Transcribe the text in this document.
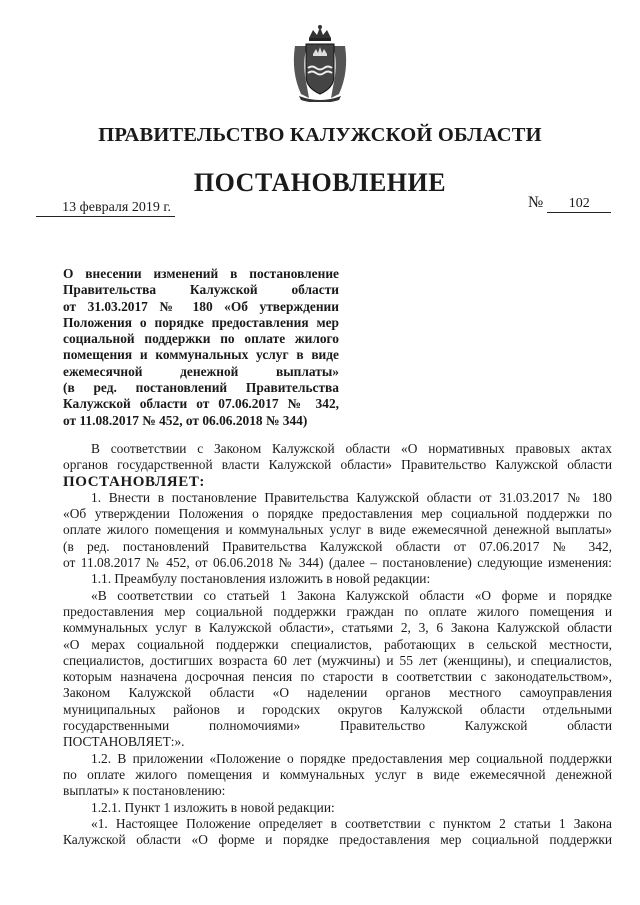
ПРАВИТЕЛЬСТВО КАЛУЖСКОЙ ОБЛАСТИ
ПОСТАНОВЛЕНИЕ
13 февраля 2019 г.	№ 102
О внесении изменений в постановление
Правительства Калужской области
от 31.03.2017 № 180 «Об утверждении
Положения о порядке предоставления мер
социальной поддержки по оплате жилого
помещения и коммунальных услуг в виде
ежемесячной денежной выплаты»
(в ред. постановлений Правительства
Калужской области от 07.06.2017 № 342,
от 11.08.2017 № 452, от 06.06.2018 № 344)
В соответствии с Законом Калужской области «О нормативных правовых актах
органов государственной власти Калужской области» Правительство Калужской области
ПОСТАНОВЛЯЕТ:
1. Внести в постановление Правительства Калужской области от 31.03.2017 № 180
«Об утверждении Положения о порядке предоставления мер социальной поддержки по
оплате жилого помещения и коммунальных услуг в виде ежемесячной денежной выплаты»
(в ред. постановлений Правительства Калужской области от 07.06.2017 № 342,
от 11.08.2017 № 452, от 06.06.2018 № 344) (далее – постановление) следующие изменения:
1.1. Преамбулу постановления изложить в новой редакции:
«В соответствии со статьей 1 Закона Калужской области «О форме и порядке
предоставления мер социальной поддержки граждан по оплате жилого помещения и
коммунальных услуг в Калужской области», статьями 2, 3, 6 Закона Калужской области
«О мерах социальной поддержки специалистов, работающих в сельской местности,
специалистов, достигших возраста 60 лет (мужчины) и 55 лет (женщины), и специалистов,
которым назначена досрочная пенсия по старости в соответствии с законодательством»,
Законом Калужской области «О наделении органов местного самоуправления
муниципальных районов и городских округов Калужской области отдельными
государственными полномочиями» Правительство Калужской области
ПОСТАНОВЛЯЕТ:».
1.2. В приложении «Положение о порядке предоставления мер социальной поддержки
по оплате жилого помещения и коммунальных услуг в виде ежемесячной денежной
выплаты» к постановлению:
1.2.1. Пункт 1 изложить в новой редакции:
«1. Настоящее Положение определяет в соответствии с пунктом 2 статьи 1 Закона
Калужской области «О форме и порядке предоставления мер социальной поддержки
